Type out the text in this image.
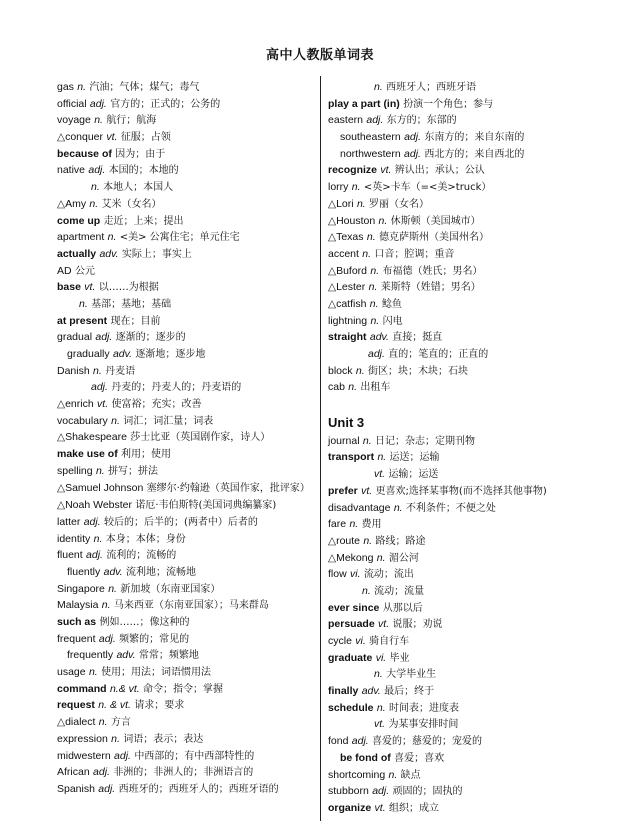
高中人教版单词表
gas n. 汽油；气体；煤气；毒气
official adj. 官方的；正式的；公务的
voyage n. 航行；航海
△conquer vt. 征服；占领
because of 因为；由于
native adj. 本国的；本地的
n. 本地人；本国人
△Amy n. 艾米（女名）
come up 走近；上来；提出
apartment n. <美> 公寓住宅；单元住宅
actually adv. 实际上；事实上
AD 公元
base vt. 以……为根据
n. 基部；基地；基础
at present 现在；目前
gradual adj. 逐渐的；逐步的
gradually adv. 逐渐地；逐步地
Danish n. 丹麦语
adj. 丹麦的；丹麦人的；丹麦语的
△enrich vt. 使富裕；充实；改善
vocabulary n. 词汇；词汇量；词表
△Shakespeare 莎士比亚（英国剧作家，诗人）
make use of 利用；使用
spelling n. 拼写；拼法
△Samuel Johnson 塞缪尔·约翰逊（英国作家，批评家）
△Noah Webster 诺厄·韦伯斯特(美国词典编纂家)
latter adj. 较后的；后半的；(两者中）后者的
identity n. 本身；本体；身份
fluent adj. 流利的；流畅的
fluently adv. 流利地；流畅地
Singapore n. 新加坡（东南亚国家）
Malaysia n. 马来西亚（东南亚国家）；马来群岛
such as 例如……；像这种的
frequent adj. 频繁的；常见的
frequently adv. 常常；频繁地
usage n. 使用；用法；词语惯用法
command n.& vt. 命令；指令；掌握
request n. & vt. 请求；要求
△dialect n. 方言
expression n. 词语；表示；表达
midwestern adj. 中西部的；有中西部特性的
African adj. 非洲的；非洲人的；非洲语言的
Spanish adj. 西班牙的；西班牙人的；西班牙语的
n. 西班牙人；西班牙语
play a part (in) 扮演一个角色；参与
eastern adj. 东方的；东部的
southeastern adj. 东南方的；来自东南的
northwestern adj. 西北方的；来自西北的
recognize vt. 辨认出；承认；公认
lorry n. <英>卡车（=<美>truck）
△Lori n. 罗丽（女名）
△Houston n. 休斯顿（美国城市）
△Texas n. 德克萨斯州（美国州名）
accent n. 口音；腔调；重音
△Buford n. 布福德（姓氏；男名）
△Lester n. 莱斯特（姓错；男名）
△catfish n. 鲶鱼
lightning n. 闪电
straight adv. 直接；挺直
adj. 直的；笔直的；正直的
block n. 街区；块；木块；石块
cab n. 出租车
Unit 3
journal n. 日记；杂志；定期刊物
transport n. 运送；运输
vt. 运输；运送
prefer vt. 更喜欢;选择某事物(而不选择其他事物)
disadvantage n. 不利条件；不便之处
fare n. 费用
△route n. 路线；路途
△Mekong n. 湄公河
flow vi. 流动；流出
n. 流动；流量
ever since 从那以后
persuade vt. 说服；劝说
cycle vi. 骑自行车
graduate vi. 毕业
n. 大学毕业生
finally adv. 最后；终于
schedule n. 时间表；进度表
vt. 为某事安排时间
fond adj. 喜爱的；慈爱的；宠爱的
be fond of 喜爱；喜欢
shortcoming n. 缺点
stubborn adj. 顽固的；固执的
organize vt. 组织；成立
